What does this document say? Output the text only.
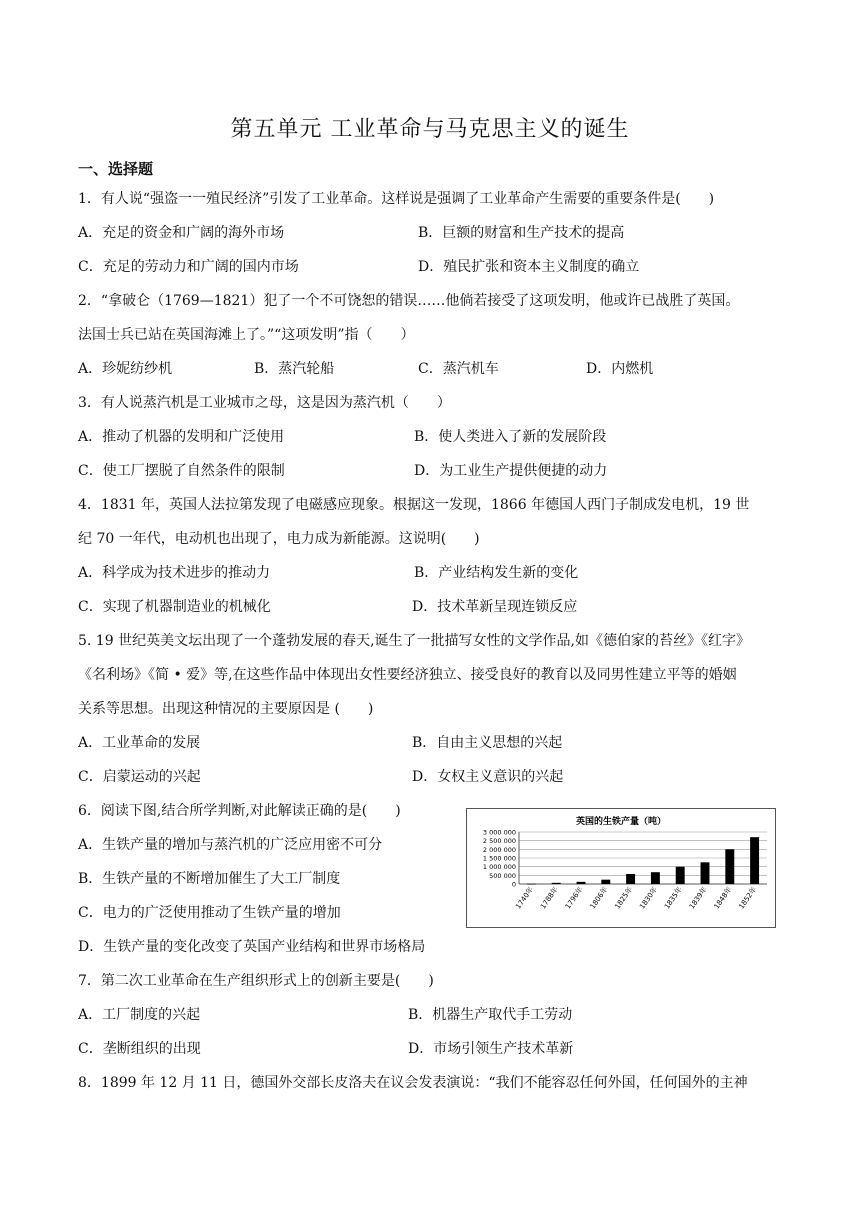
第五单元 工业革命与马克思主义的诞生
一、选择题
1．有人说“强盗一一殖民经济”引发了工业革命。这样说是强调了工业革命产生需要的重要条件是(　　)
A．充足的资金和广阔的海外市场	B．巨额的财富和生产技术的提高
C．充足的劳动力和广阔的国内市场	D．殖民扩张和资本主义制度的确立
2．“拿破仑（1769—1821）犯了一个不可饶恕的错误……他倘若接受了这项发明，他或许已战胜了英国。
法国士兵已站在英国海滩上了。”“这项发明”指（　　）
A．珍妮纺纱机	B．蒸汽轮船	C．蒸汽机车	D．内燃机
3．有人说蒸汽机是工业城市之母，这是因为蒸汽机（　　）
A．推动了机器的发明和广泛使用	B．使人类进入了新的发展阶段
C．使工厂摆脱了自然条件的限制	D．为工业生产提供便捷的动力
4．1831 年，英国人法拉第发现了电磁感应现象。根据这一发现，1866 年德国人西门子制成发电机，19 世
纪 70 一年代，电动机也出现了，电力成为新能源。这说明(　　)
A．科学成为技术进步的推动力	B．产业结构发生新的变化
C．实现了机器制造业的机械化	D．技术革新呈现连锁反应
5. 19 世纪英美文坛出现了一个蓬勃发展的春天,诞生了一批描写女性的文学作品,如《德伯家的苔丝》《红字》
《名利场》《简 • 爱》等,在这些作品中体现出女性要经济独立、接受良好的教育以及同男性建立平等的婚姻
关系等思想。出现这种情况的主要原因是 (　　)
A．工业革命的发展	B．自由主义思想的兴起
C．启蒙运动的兴起	D．女权主义意识的兴起
6．阅读下图,结合所学判断,对此解读正确的是(　　)
A．生铁产量的增加与蒸汽机的广泛应用密不可分
B．生铁产量的不断增加催生了大工厂制度
C．电力的广泛使用推动了生铁产量的增加
D．生铁产量的变化改变了英国产业结构和世界市场格局
英国的生铁产量（吨）
0
500 000
1 000 000
1 500 000
2 000 000
2 500 000
3 000 000
1740年 1788年 1796年 1806年 1825年 1830年 1835年 1839年 1848年 1852年
7．第二次工业革命在生产组织形式上的创新主要是(　　)
A．工厂制度的兴起	B．机器生产取代手工劳动
C．垄断组织的出现	D．市场引领生产技术革新
8．1899 年 12 月 11 日，德国外交部长皮洛夫在议会发表演说：“我们不能容忍任何外国，任何国外的主神
